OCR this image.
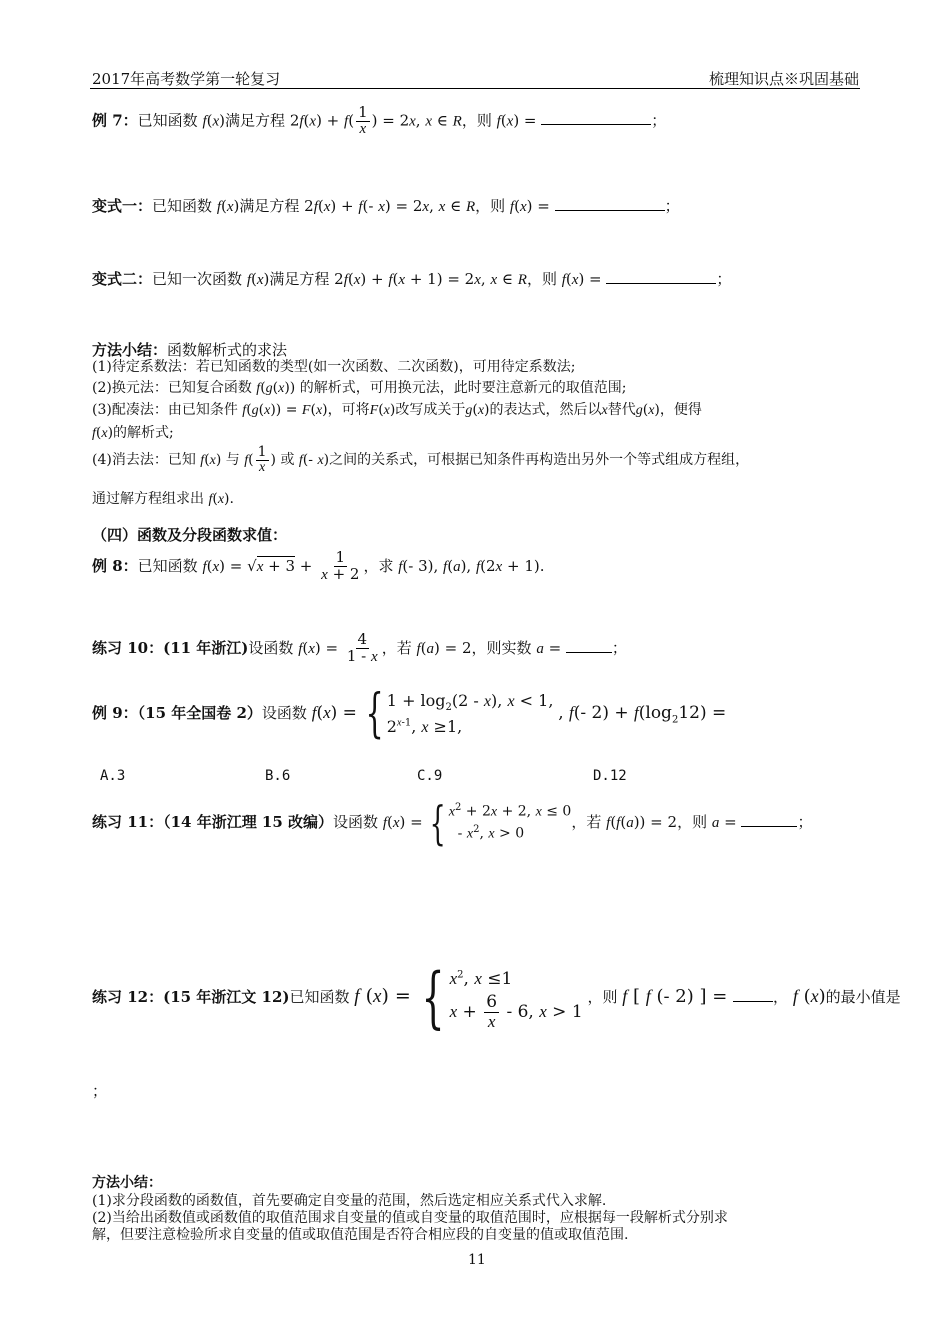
2017年高考数学第一轮复习	梳理知识点※巩固基础
例 7：已知函数 f(x)满足方程 $2f(x) + f( \frac{1}{x}$ ) = 2x, x ∈ R，则 f(x) =	；
变式一：已知函数 f(x)满足方程 2f(x) + f(- x) = 2x, x ∈ R，则 f(x) =	；
变式二：已知一次函数 f(x)满足方程 2f(x) + f(x + 1) = 2x, x ∈ R，则 f(x) =	；
方法小结：函数解析式的求法
(1)待定系数法：若已知函数的类型(如一次函数、二次函数)，可用待定系数法;
(2)换元法：已知复合函数 f(g(x)) 的解析式，可用换元法，此时要注意新元的取值范围;
(3)配凑法：由已知条件 f(g(x)) = F(x)，可将F(x)改写成关于g(x)的表达式，然后以x替代g(x)，便得
f(x)的解析式;
(4)消去法：已知 f(x) 与 $f( \frac{1}{x}$ ) 或 f(- x)之间的关系式，可根据已知条件再构造出另外一个等式组成方程组，
通过解方程组求出 f(x).
（四）函数及分段函数求值：
例 8：已知函数 $f(x) = √x + 3 + \frac{1}{x + 2}$ ，求 f(- 3), f(a), f(2x + 1).
练习 10：(11 年浙江)设函数 $f(x) = \frac{4}{1 - x}$ ，若 f(a) = 2，则实数 a =	；
例 9：（15 年全国卷 2）设函数 f(x) = { $1 + \log_2(2 - x)$, x < 1,
2$^{x-1}$, x ≥1,
, f(- $2) + f(\log_212)$ =
A.3	B.6	C.9	D.12
练习 11：（14 年浙江理 15 改编）设函数 f(x) = { $x^2 + 2x + 2$, x ≤ 0
- $x^2$, x > 0
，若 f(f(a)) = 2，则 a =	；
练习 12：(15 年浙江文 12)已知函数 f (x) = { $x^2$, x ≤1
$x + \frac{6}{x} - 6$, x > 1
，则 f [ f (- 2) ] =	， f (x)的最小值是
；
方法小结：
(1)求分段函数的函数值，首先要确定自变量的范围，然后选定相应关系式代入求解.
(2)当给出函数值或函数值的取值范围求自变量的值或自变量的取值范围时，应根据每一段解析式分别求
解，但要注意检验所求自变量的值或取值范围是否符合相应段的自变量的值或取值范围.
11
